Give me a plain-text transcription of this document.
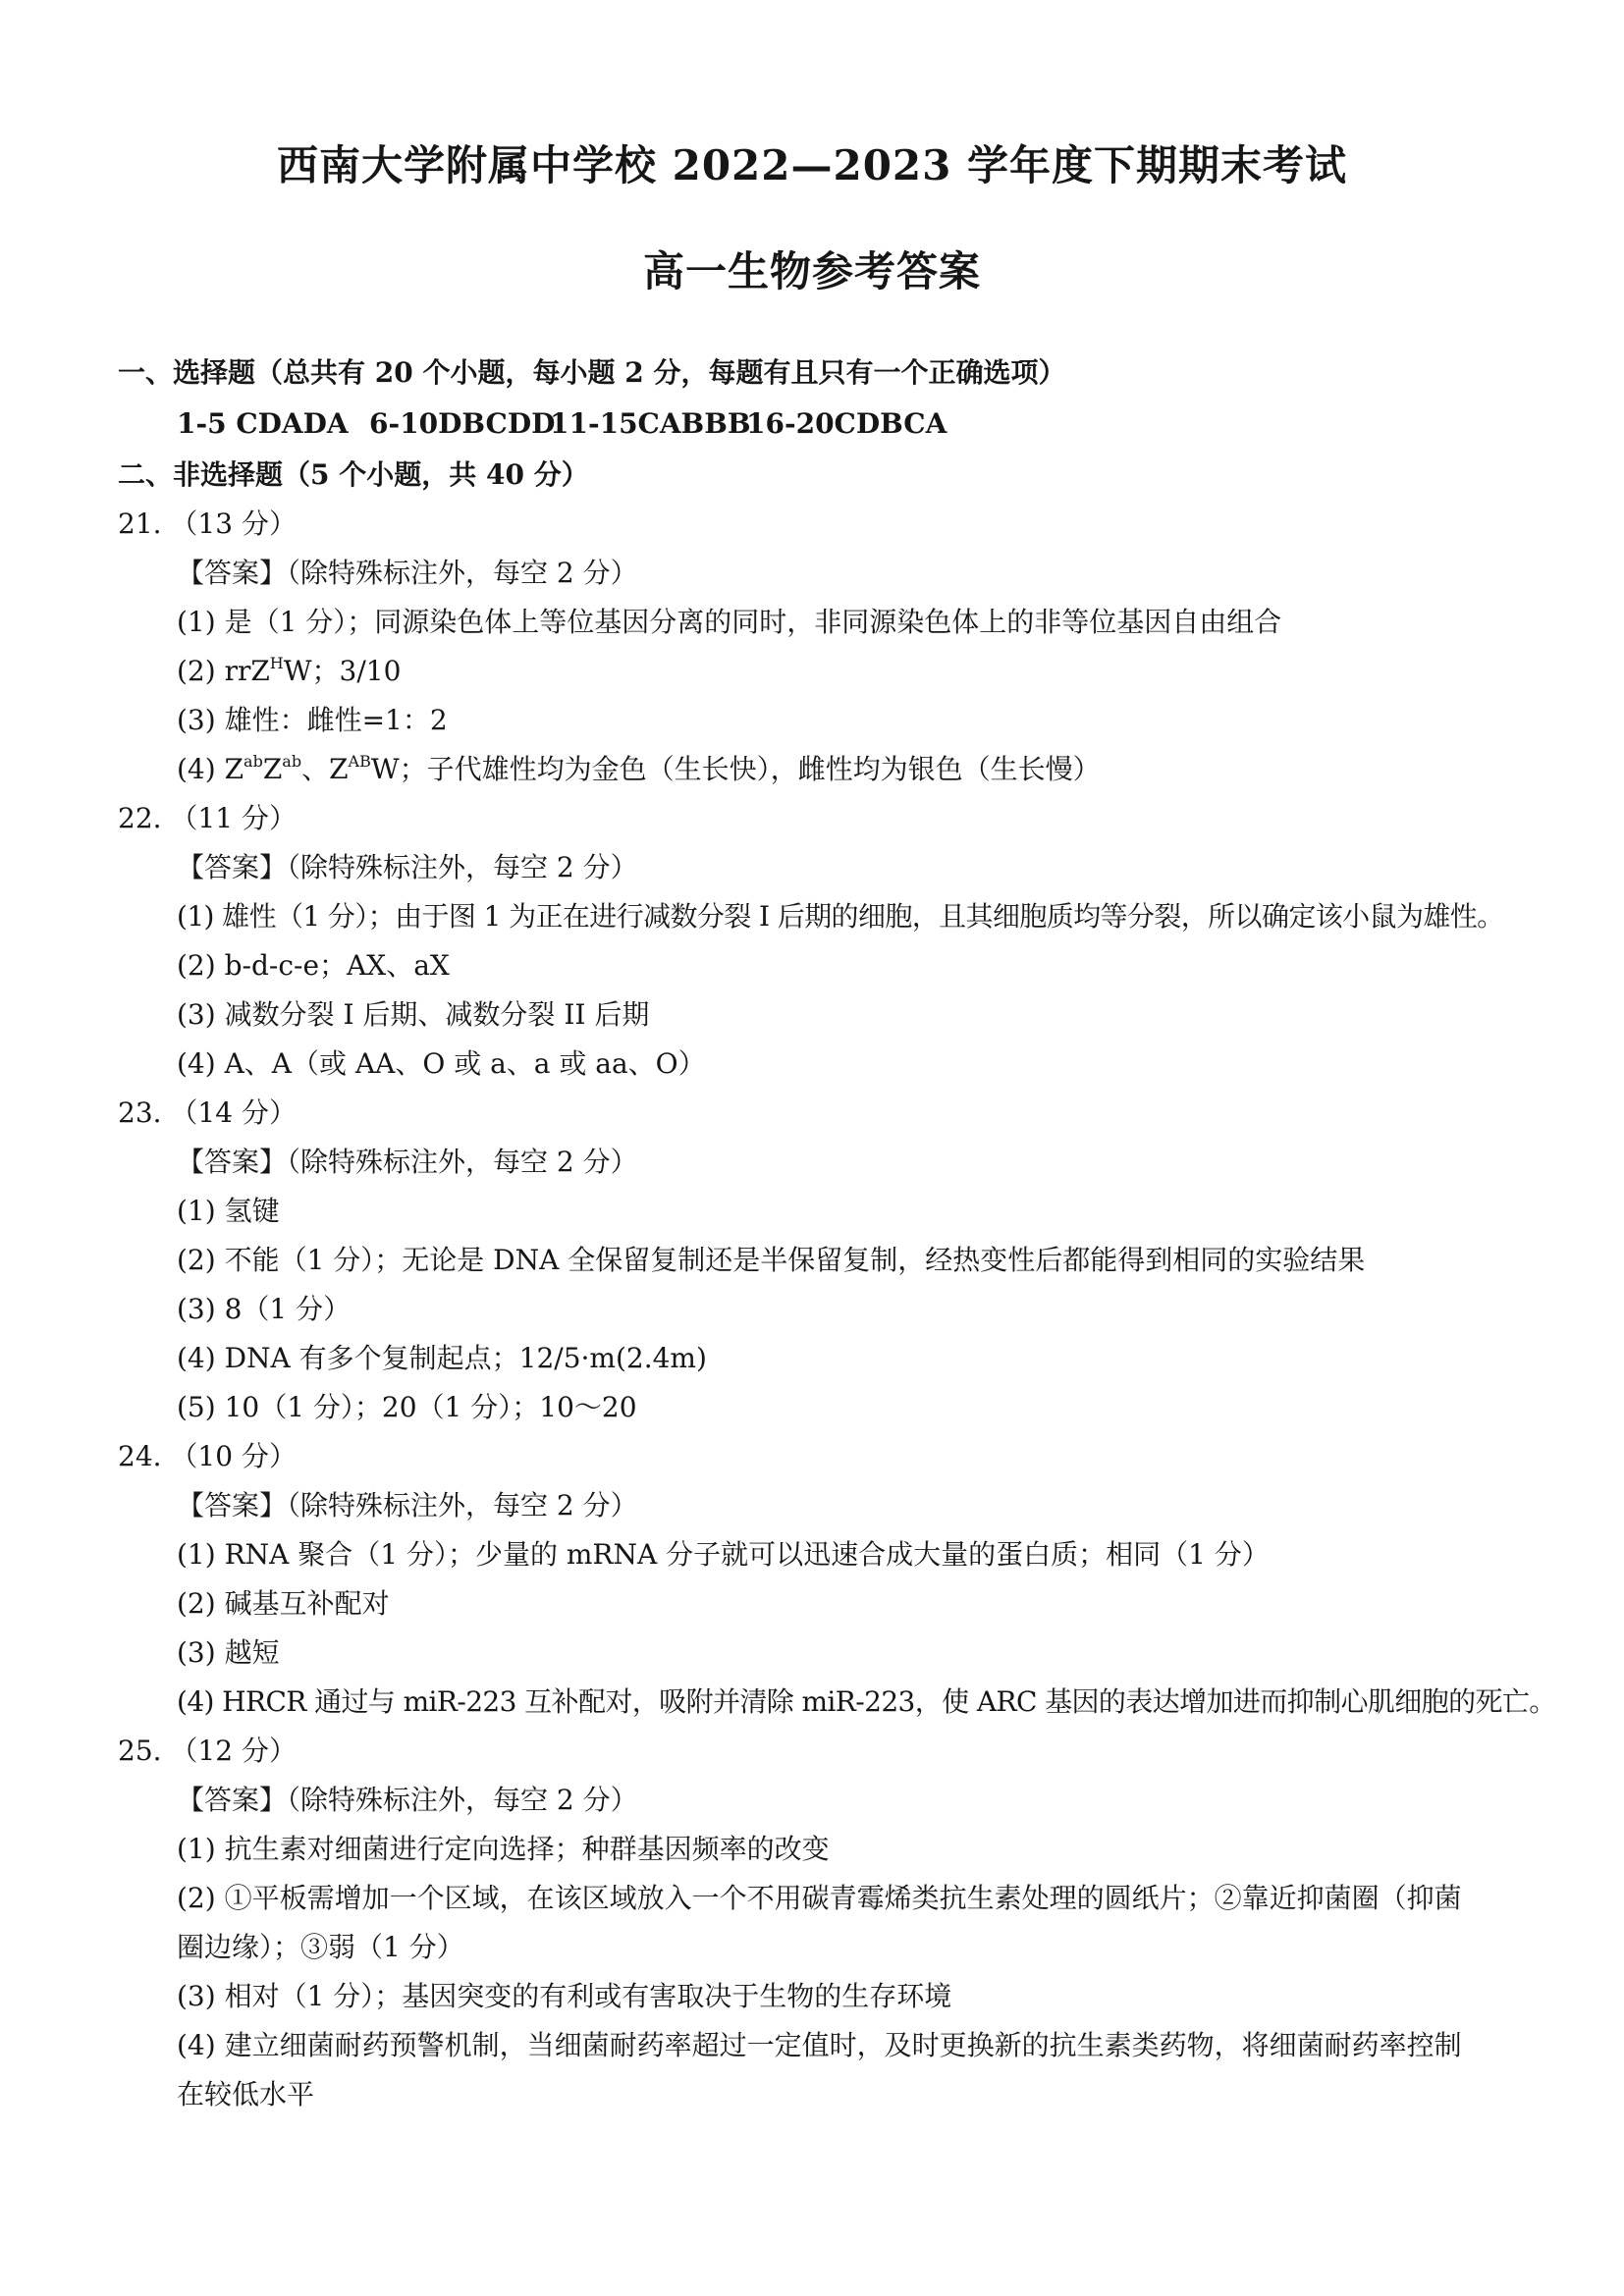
西南大学附属中学校 2022—2023 学年度下期期末考试
高一生物参考答案
一、选择题（总共有 20 个小题，每小题 2 分，每题有且只有一个正确选项）
1-5 CDADA 6-10DBCDD
11-15CABBB
16-20CDBCA
二、非选择题（5 个小题，共 40 分）
21. （13 分）
【答案】（除特殊标注外，每空 2 分）
(1) 是（1 分）；同源染色体上等位基因分离的同时，非同源染色体上的非等位基因自由组合
(2) rrZ$^H$W；3/10
(3) 雄性：雌性=1：2
(4) $Z^{ab}Z^{ab}$、$Z^{AB}W$；子代雄性均为金色（生长快），雌性均为银色（生长慢）
22. （11 分）
【答案】（除特殊标注外，每空 2 分）
(1) 雄性（1 分）；由于图 1 为正在进行减数分裂 I 后期的细胞，且其细胞质均等分裂，所以确定该小鼠为雄性。
(2) b-d-c-e；AX、aX
(3) 减数分裂 I 后期、减数分裂 II 后期
(4) A、A（或 AA、O 或 a、a 或 aa、O）
23. （14 分）
【答案】（除特殊标注外，每空 2 分）
(1) 氢键
(2) 不能（1 分）；无论是 DNA 全保留复制还是半保留复制，经热变性后都能得到相同的实验结果
(3) 8（1 分）
(4) DNA 有多个复制起点；12/5·m(2.4m)
(5) 10（1 分）；20（1 分）；10～20
24. （10 分）
【答案】（除特殊标注外，每空 2 分）
(1) RNA 聚合（1 分）；少量的 mRNA 分子就可以迅速合成大量的蛋白质；相同（1 分）
(2) 碱基互补配对
(3) 越短
(4) HRCR 通过与 miR-223 互补配对，吸附并清除 miR-223，使 ARC 基因的表达增加进而抑制心肌细胞的死亡。
25. （12 分）
【答案】（除特殊标注外，每空 2 分）
(1) 抗生素对细菌进行定向选择；种群基因频率的改变
(2) ①平板需增加一个区域，在该区域放入一个不用碳青霉烯类抗生素处理的圆纸片；②靠近抑菌圈（抑菌
圈边缘）；③弱（1 分）
(3) 相对（1 分）；基因突变的有利或有害取决于生物的生存环境
(4) 建立细菌耐药预警机制，当细菌耐药率超过一定值时，及时更换新的抗生素类药物，将细菌耐药率控制
在较低水平
